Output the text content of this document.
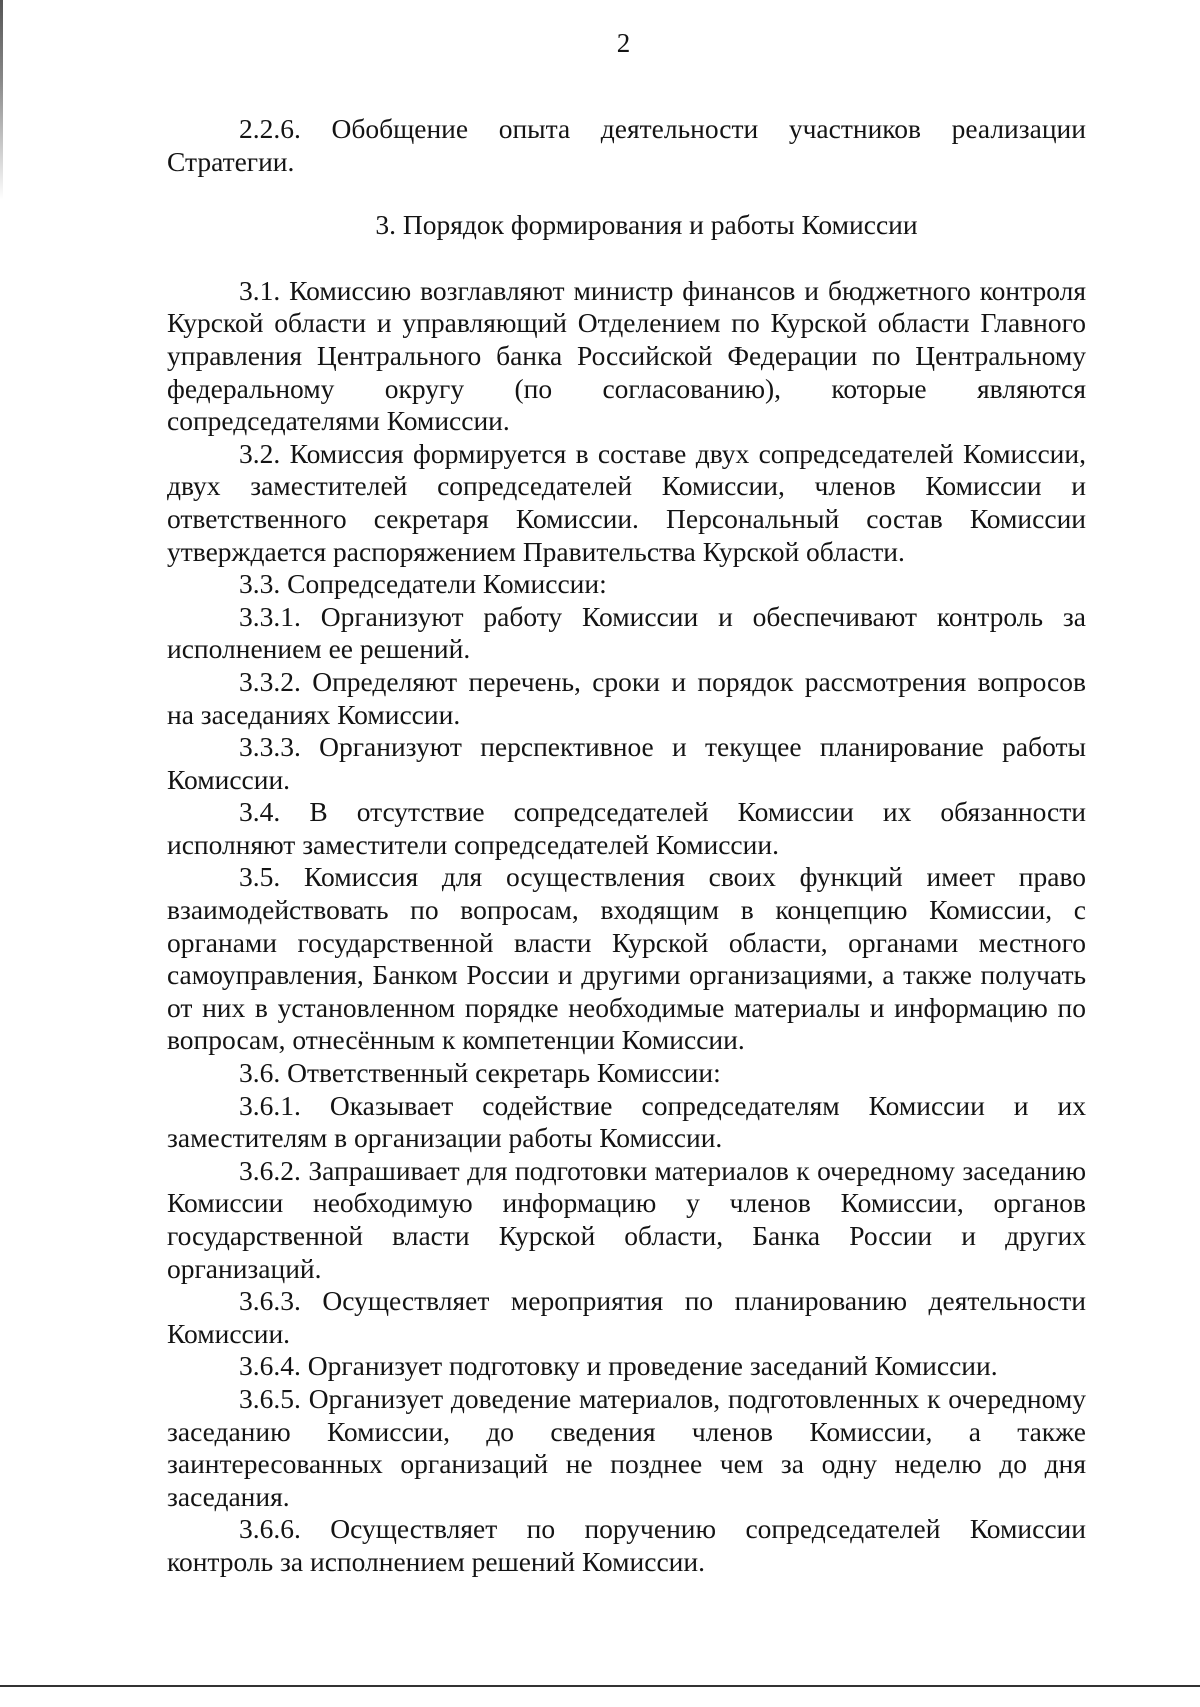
2

2.2.6. Обобщение опыта деятельности участников реализации Стратегии.

3. Порядок формирования и работы Комиссии

3.1. Комиссию возглавляют министр финансов и бюджетного контроля Курской области и управляющий Отделением по Курской области Главного управления Центрального банка Российской Федерации по Центральному федеральному округу (по согласованию), которые являются сопредседателями Комиссии.

3.2. Комиссия формируется в составе двух сопредседателей Комиссии, двух заместителей сопредседателей Комиссии, членов Комиссии и ответственного секретаря Комиссии. Персональный состав Комиссии утверждается распоряжением Правительства Курской области.

3.3. Сопредседатели Комиссии:

3.3.1. Организуют работу Комиссии и обеспечивают контроль за исполнением ее решений.

3.3.2. Определяют перечень, сроки и порядок рассмотрения вопросов на заседаниях Комиссии.

3.3.3. Организуют перспективное и текущее планирование работы Комиссии.

3.4. В отсутствие сопредседателей Комиссии их обязанности исполняют заместители сопредседателей Комиссии.

3.5. Комиссия для осуществления своих функций имеет право взаимодействовать по вопросам, входящим в концепцию Комиссии, с органами государственной власти Курской области, органами местного самоуправления, Банком России и другими организациями, а также получать от них в установленном порядке необходимые материалы и информацию по вопросам, отнесённым к компетенции Комиссии.

3.6. Ответственный секретарь Комиссии:

3.6.1. Оказывает содействие сопредседателям Комиссии и их заместителям в организации работы Комиссии.

3.6.2. Запрашивает для подготовки материалов к очередному заседанию Комиссии необходимую информацию у членов Комиссии, органов государственной власти Курской области, Банка России и других организаций.

3.6.3. Осуществляет мероприятия по планированию деятельности Комиссии.

3.6.4. Организует подготовку и проведение заседаний Комиссии.

3.6.5. Организует доведение материалов, подготовленных к очередному заседанию Комиссии, до сведения членов Комиссии, а также заинтересованных организаций не позднее чем за одну неделю до дня заседания.

3.6.6. Осуществляет по поручению сопредседателей Комиссии контроль за исполнением решений Комиссии.
